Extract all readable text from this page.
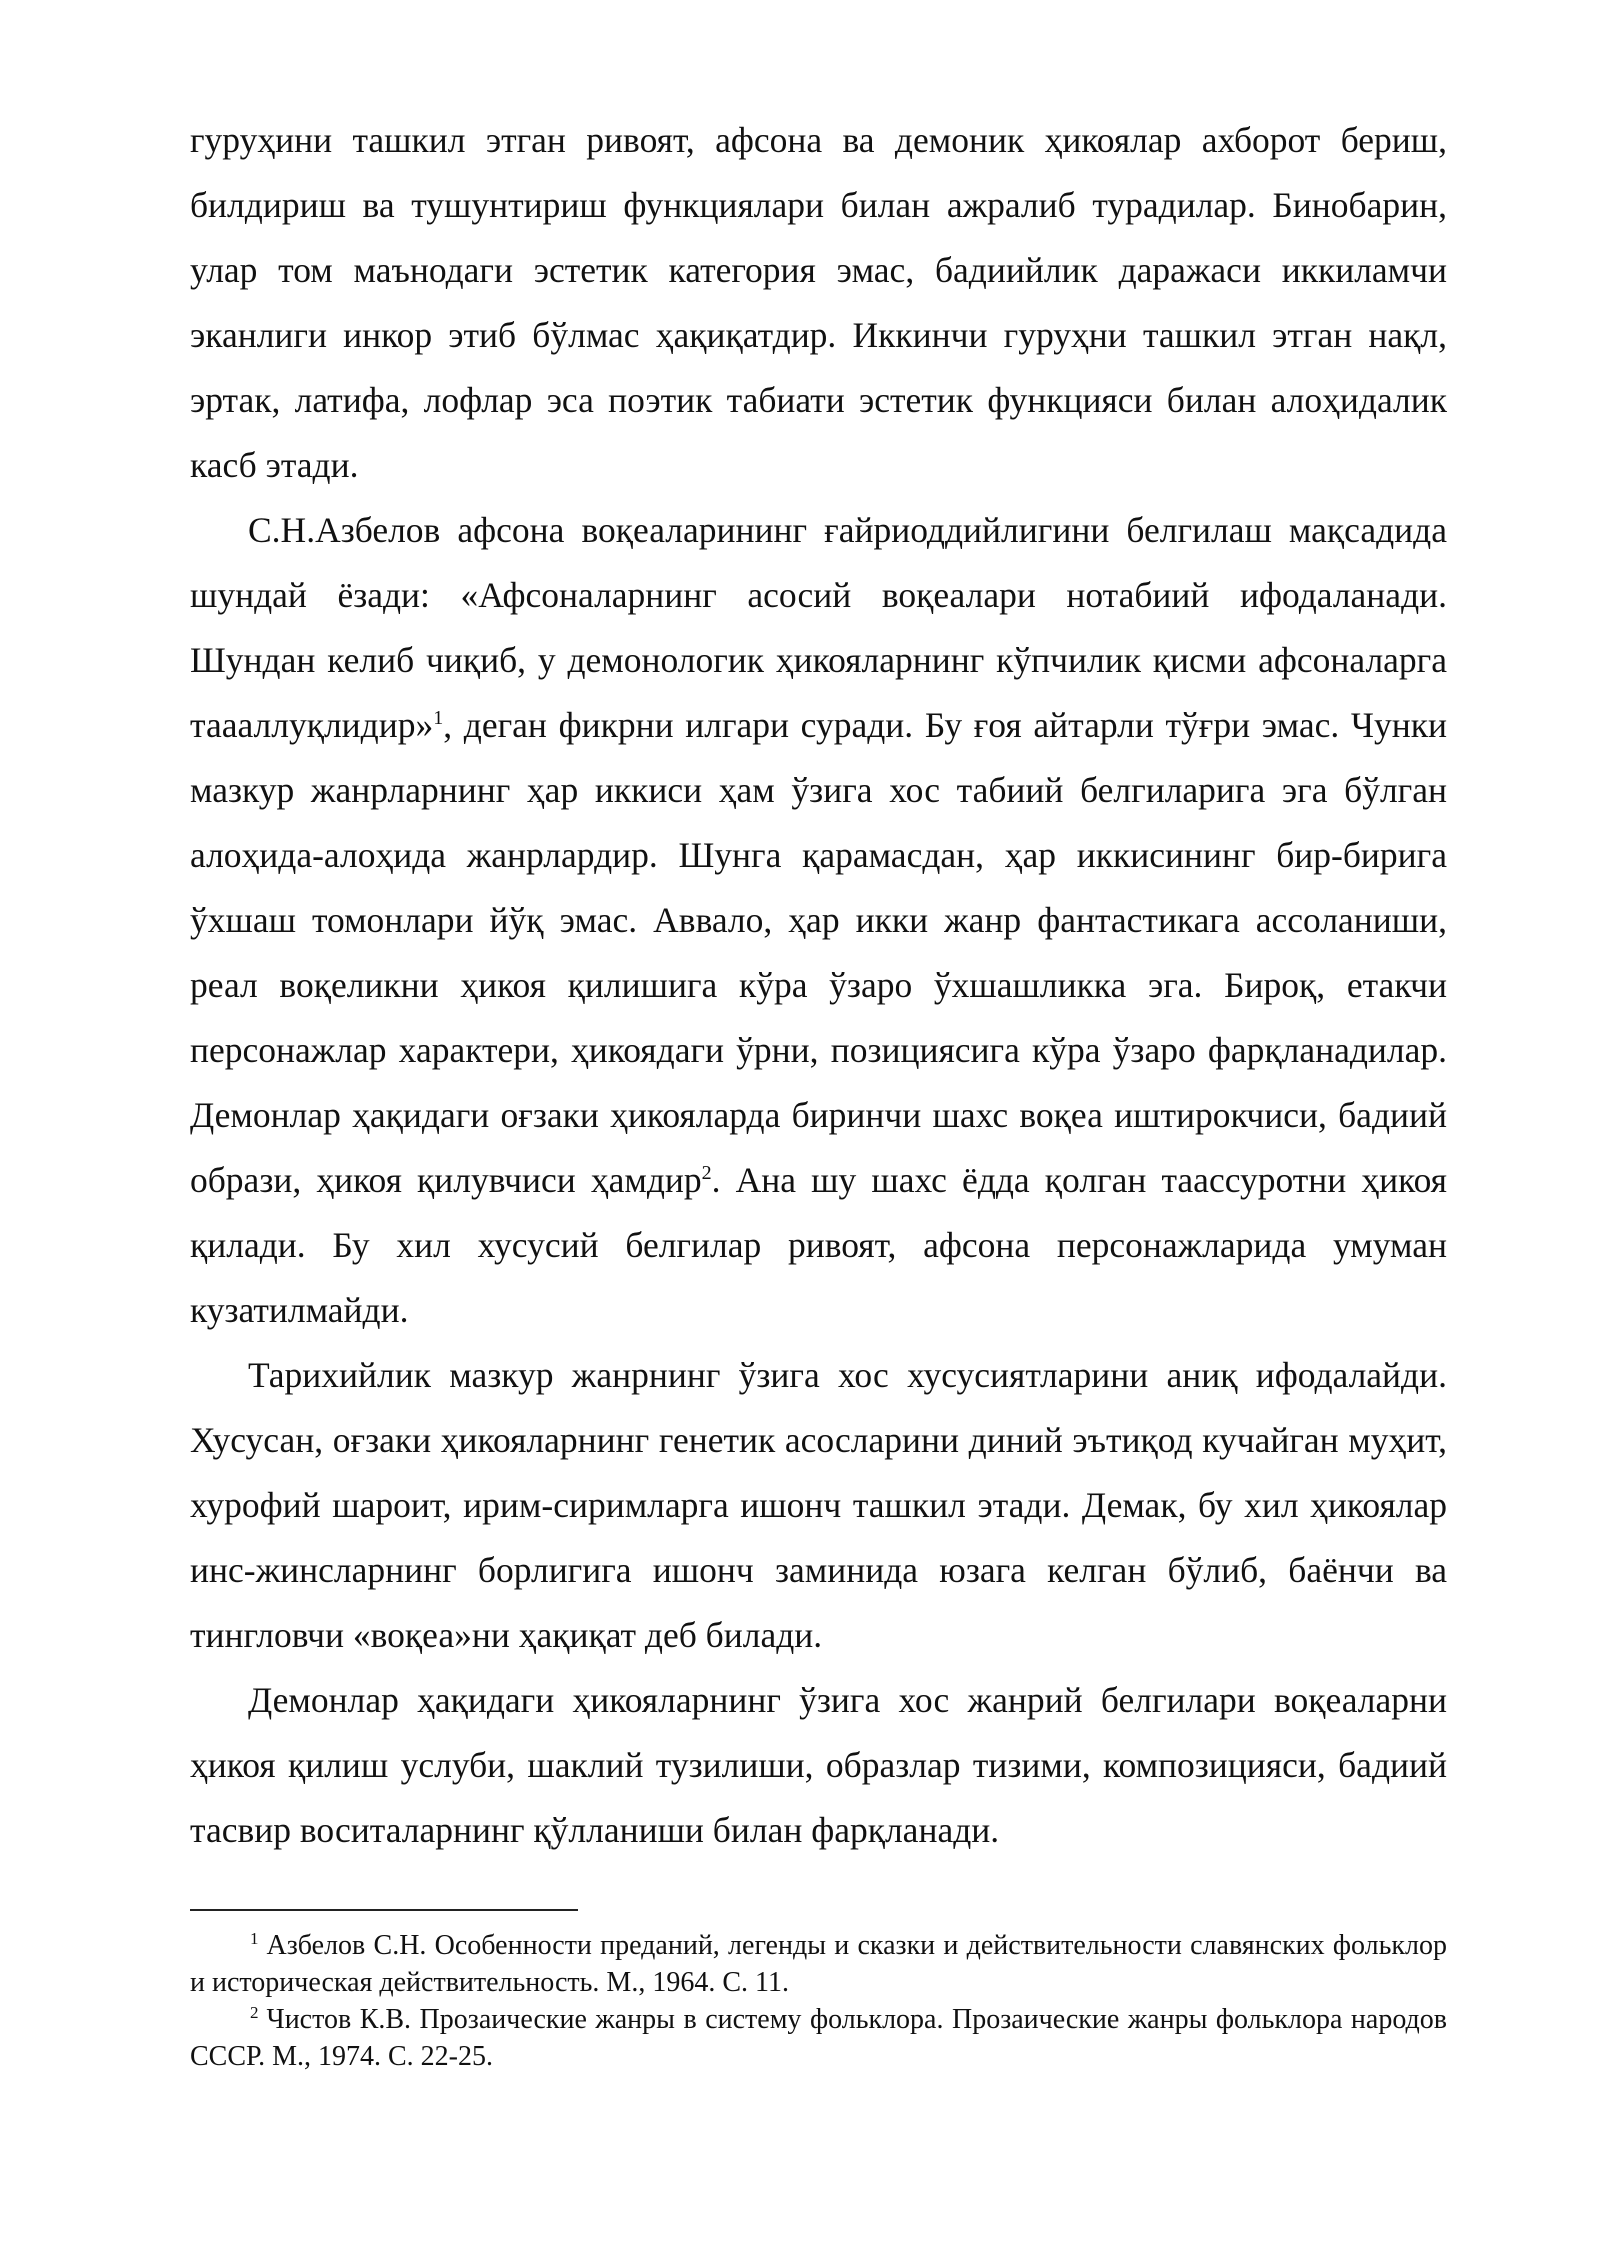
гуруҳини ташкил этган ривоят, афсона ва демоник ҳикоялар ахборот бериш, билдириш ва тушунтириш функциялари билан ажралиб турадилар. Бинобарин, улар том маънодаги эстетик категория эмас, бадиийлик даражаси иккиламчи эканлиги инкор этиб бўлмас ҳақиқатдир. Иккинчи гуруҳни ташкил этган нақл, эртак, латифа, лофлар эса поэтик табиати эстетик функцияси билан алоҳидалик касб этади.

С.Н.Азбелов афсона воқеаларининг ғайриоддийлигини белгилаш мақсадида шундай ёзади: «Афсоналарнинг асосий воқеалари нотабиий ифодаланади. Шундан келиб чиқиб, у демонологик ҳикояларнинг кўпчилик қисми афсоналарга таааллуқлидир»$^1$, деган фикрни илгари суради. Бу ғоя айтарли тўғри эмас. Чунки мазкур жанрларнинг ҳар иккиси ҳам ўзига хос табиий белгиларига эга бўлган алоҳида-алоҳида жанрлардир. Шунга қарамасдан, ҳар иккисининг бир-бирига ўхшаш томонлари йўқ эмас. Аввало, ҳар икки жанр фантастикага ассоланиши, реал воқеликни ҳикоя қилишига кўра ўзаро ўхшашликка эга. Бироқ, етакчи персонажлар характери, ҳикоядаги ўрни, позициясига кўра ўзаро фарқланадилар. Демонлар ҳақидаги оғзаки ҳикояларда биринчи шахс воқеа иштирокчиси, бадиий образи, ҳикоя қилувчиси ҳамдир$^2$. Ана шу шахс ёдда қолган таассуротни ҳикоя қилади. Бу хил хусусий белгилар ривоят, афсона персонажларида умуман кузатилмайди.

Тарихийлик мазкур жанрнинг ўзига хос хусусиятларини аниқ ифодалайди. Хусусан, оғзаки ҳикояларнинг генетик асосларини диний эътиқод кучайган муҳит, хурофий шароит, ирим-сиримларга ишонч ташкил этади. Демак, бу хил ҳикоялар инс-жинсларнинг борлигига ишонч заминида юзага келган бўлиб, баёнчи ва тингловчи «воқеа»ни ҳақиқат деб билади.

Демонлар ҳақидаги ҳикояларнинг ўзига хос жанрий белгилари воқеаларни ҳикоя қилиш услуби, шаклий тузилиши, образлар тизими, композицияси, бадиий тасвир воситаларнинг қўлланиши билан фарқланади.

$^1$ Азбелов С.Н. Особенности преданий, легенды и сказки и действительности славянских фольклор и историческая действительность. М., 1964. С. 11.

$^2$ Чистов К.В. Прозаические жанры в систему фольклора. Прозаические жанры фольклора народов СССР. М., 1974. С. 22-25.
